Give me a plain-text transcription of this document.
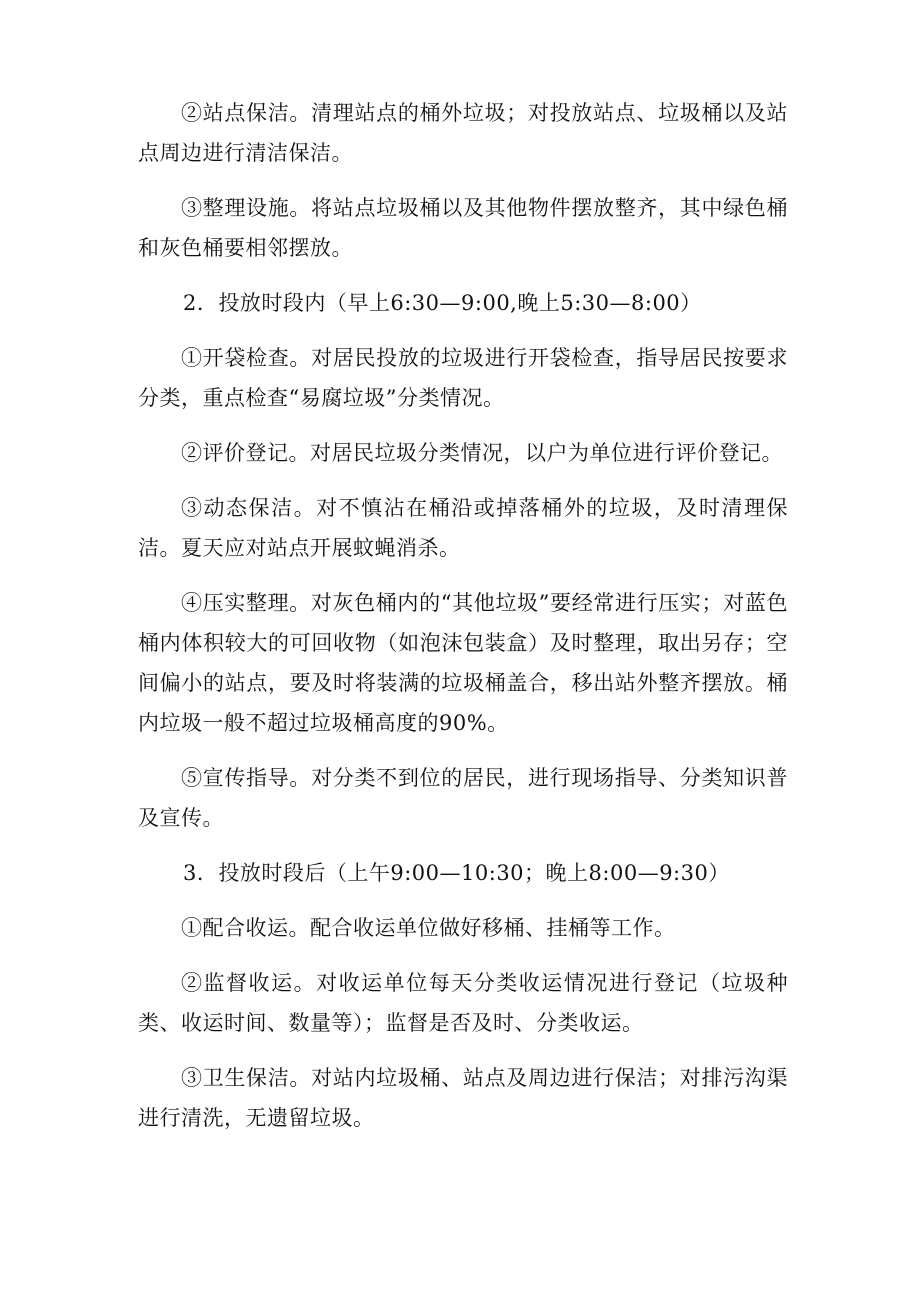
②站点保洁。清理站点的桶外垃圾；对投放站点、垃圾桶以及站点周边进行清洁保洁。

③整理设施。将站点垃圾桶以及其他物件摆放整齐，其中绿色桶和灰色桶要相邻摆放。

2．投放时段内（早上6:30—9:00,晚上5:30—8:00）

①开袋检查。对居民投放的垃圾进行开袋检查，指导居民按要求分类，重点检查“易腐垃圾”分类情况。

②评价登记。对居民垃圾分类情况，以户为单位进行评价登记。

③动态保洁。对不慎沾在桶沿或掉落桶外的垃圾，及时清理保洁。夏天应对站点开展蚊蝇消杀。

④压实整理。对灰色桶内的“其他垃圾”要经常进行压实；对蓝色桶内体积较大的可回收物（如泡沫包装盒）及时整理，取出另存；空间偏小的站点，要及时将装满的垃圾桶盖合，移出站外整齐摆放。桶内垃圾一般不超过垃圾桶高度的90%。

⑤宣传指导。对分类不到位的居民，进行现场指导、分类知识普及宣传。

3．投放时段后（上午9:00—10:30；晚上8:00—9:30）

①配合收运。配合收运单位做好移桶、挂桶等工作。

②监督收运。对收运单位每天分类收运情况进行登记（垃圾种类、收运时间、数量等）；监督是否及时、分类收运。

③卫生保洁。对站内垃圾桶、站点及周边进行保洁；对排污沟渠进行清洗，无遗留垃圾。
